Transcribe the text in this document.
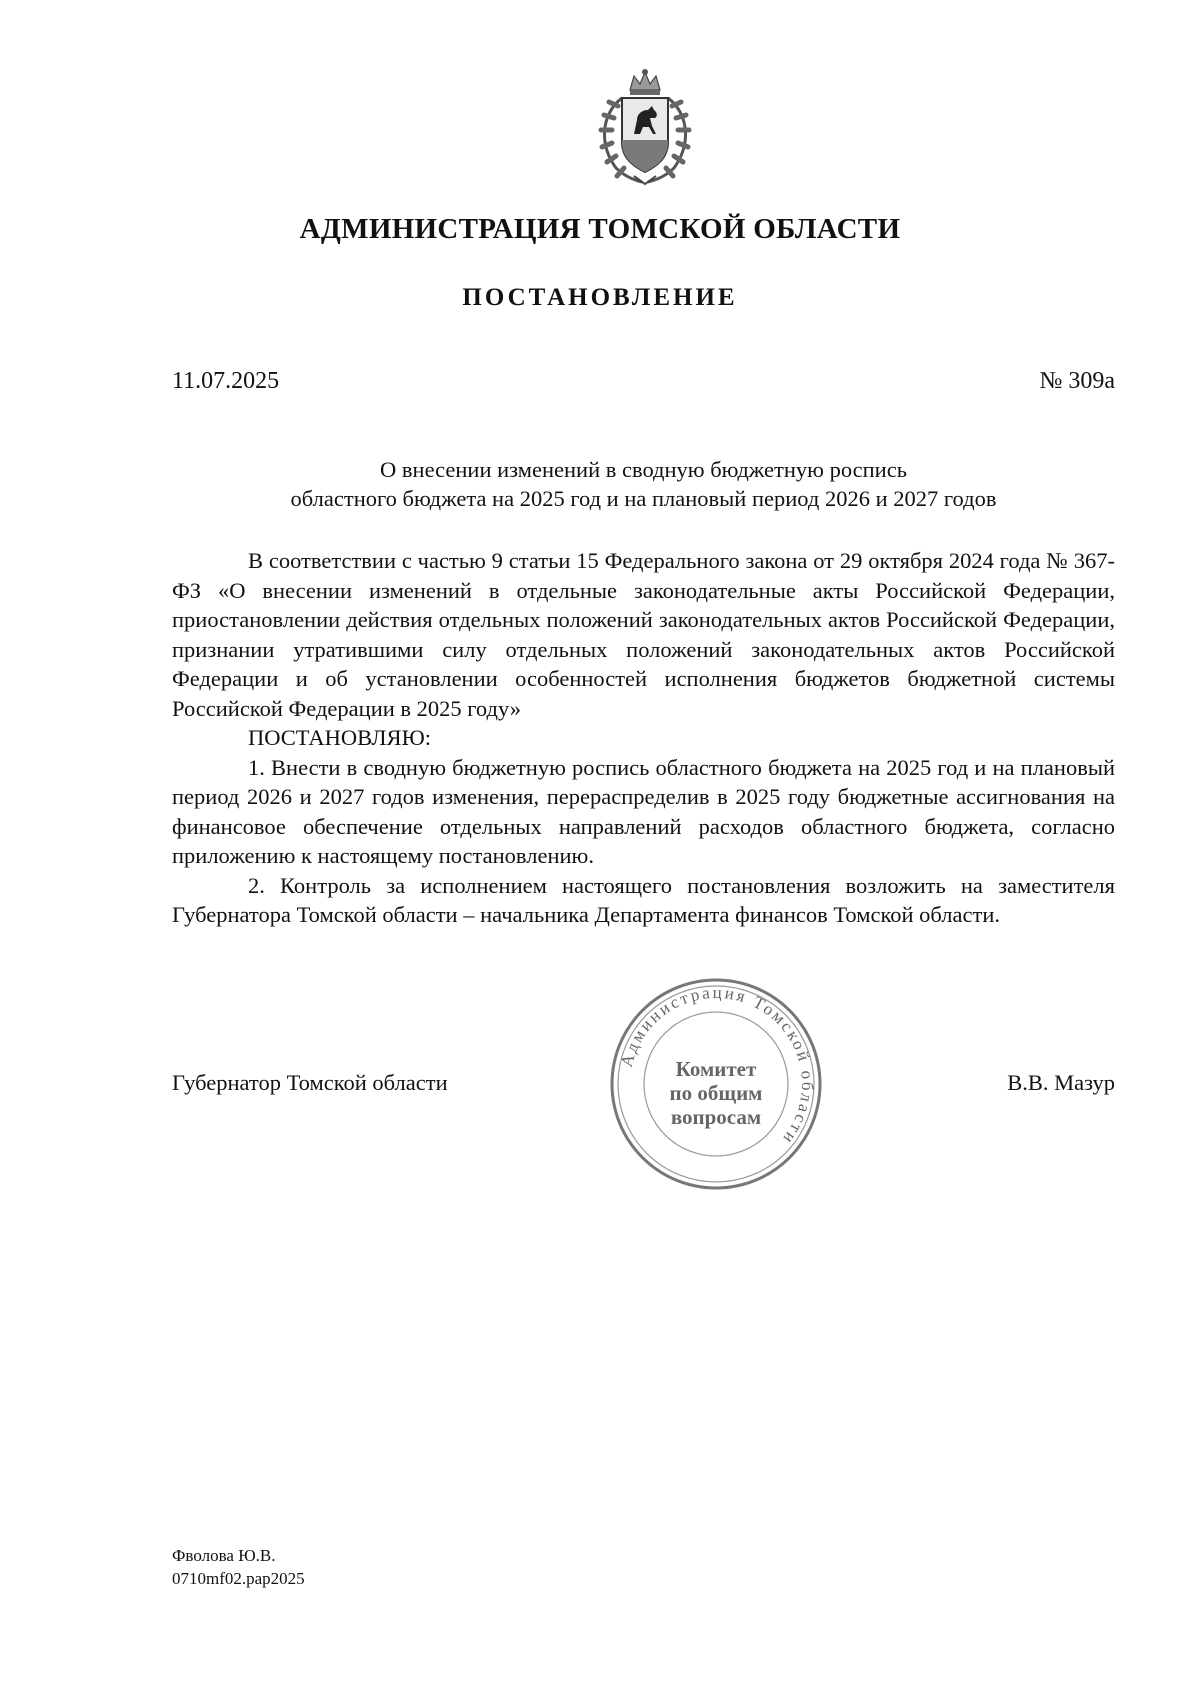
АДМИНИСТРАЦИЯ ТОМСКОЙ ОБЛАСТИ
ПОСТАНОВЛЕНИЕ
11.07.2025	№ 309а
О внесении изменений в сводную бюджетную роспись
областного бюджета на 2025 год и на плановый период 2026 и 2027 годов

В соответствии с частью 9 статьи 15 Федерального закона от 29 октября 2024 года № 367-ФЗ «О внесении изменений в отдельные законодательные акты Российской Федерации, приостановлении действия отдельных положений законодательных актов Российской Федерации, признании утратившими силу отдельных положений законодательных актов Российской Федерации и об установлении особенностей исполнения бюджетов бюджетной системы Российской Федерации в 2025 году»

ПОСТАНОВЛЯЮ:

1. Внести в сводную бюджетную роспись областного бюджета на 2025 год и на плановый период 2026 и 2027 годов изменения, перераспределив в 2025 году бюджетные ассигнования на финансовое обеспечение отдельных направлений расходов областного бюджета, согласно приложению к настоящему постановлению.

2. Контроль за исполнением настоящего постановления возложить на заместителя Губернатора Томской области – начальника Департамента финансов Томской области.

Губернатор Томской области	В.В. Мазур
Администрация Томской области
Комитет
по общим
вопросам
Фволова Ю.В.
0710mf02.pap2025
